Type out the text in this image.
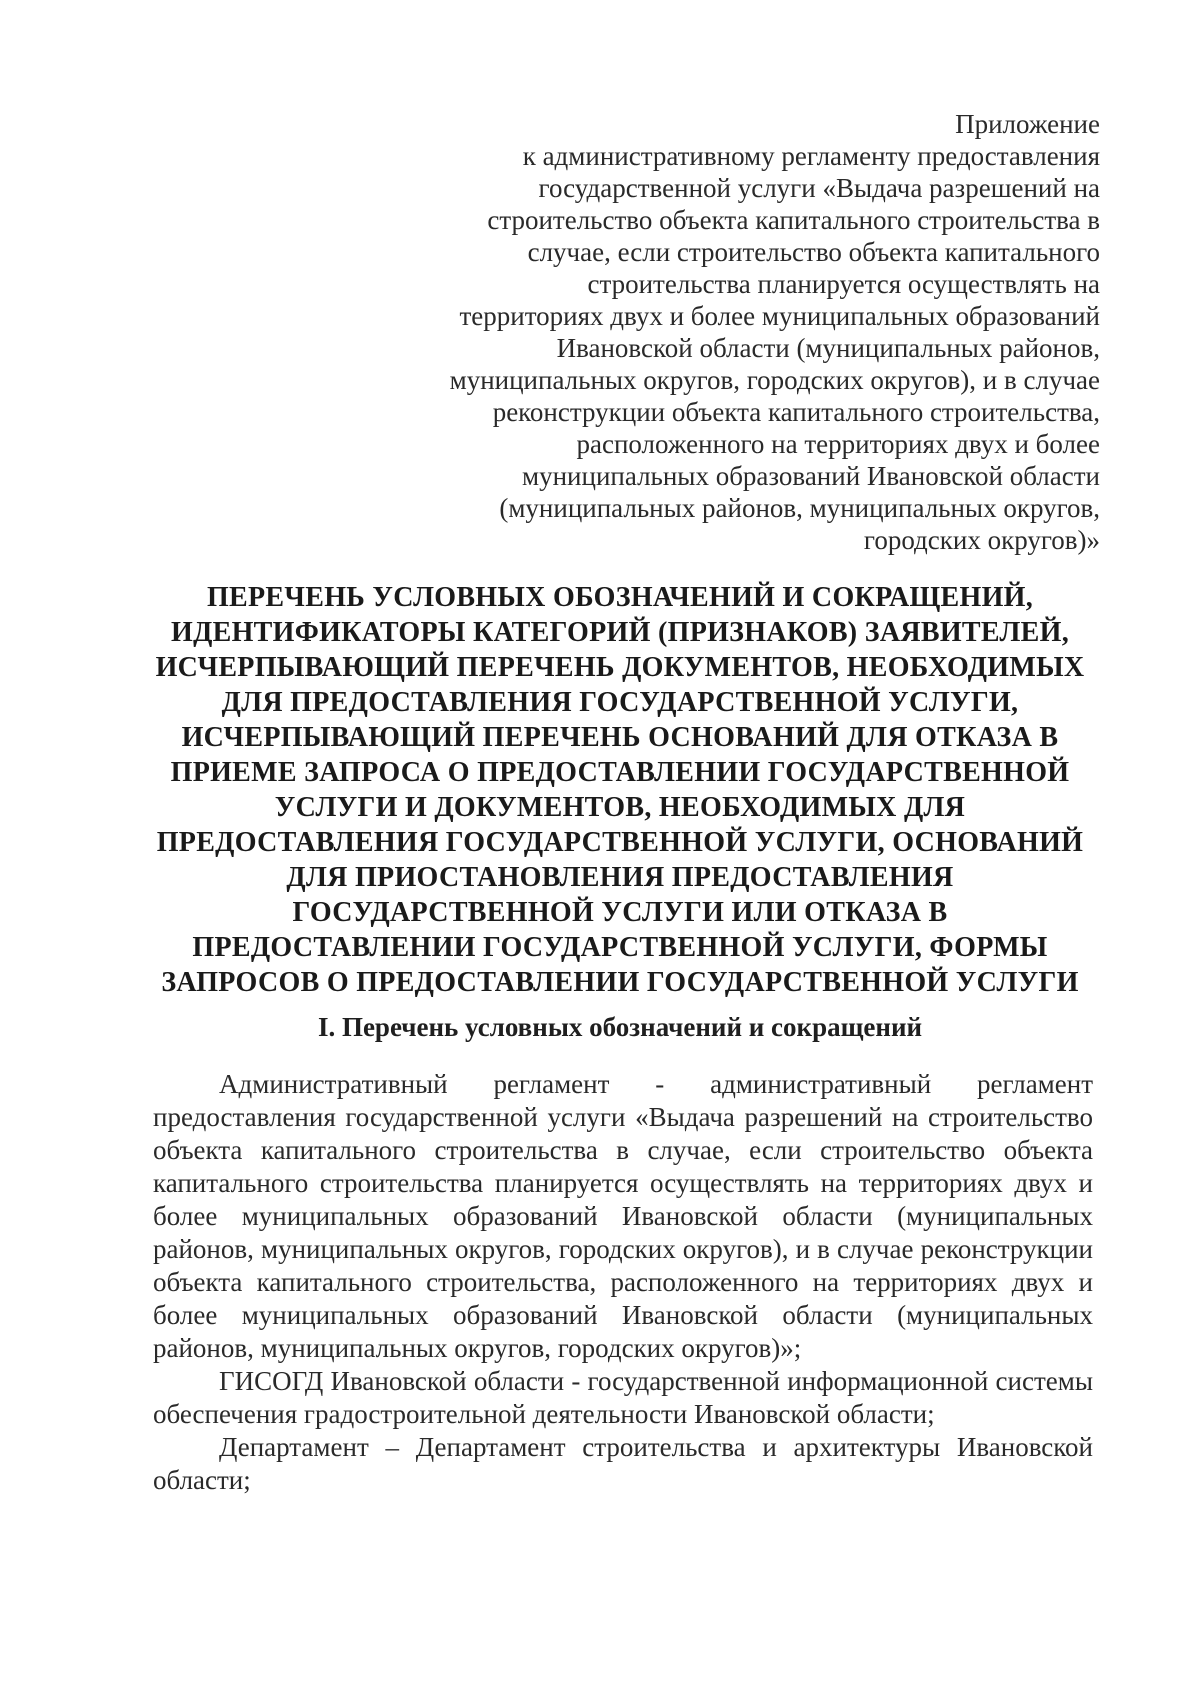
Приложение
к административному регламенту предоставления
государственной услуги «Выдача разрешений на
строительство объекта капитального строительства в
случае, если строительство объекта капитального
строительства планируется осуществлять на
территориях двух и более муниципальных образований
Ивановской области (муниципальных районов,
муниципальных округов, городских округов), и в случае
реконструкции объекта капитального строительства,
расположенного на территориях двух и более
муниципальных образований Ивановской области
(муниципальных районов, муниципальных округов,
городских округов)»
ПЕРЕЧЕНЬ УСЛОВНЫХ ОБОЗНАЧЕНИЙ И СОКРАЩЕНИЙ,
ИДЕНТИФИКАТОРЫ КАТЕГОРИЙ (ПРИЗНАКОВ) ЗАЯВИТЕЛЕЙ,
ИСЧЕРПЫВАЮЩИЙ ПЕРЕЧЕНЬ ДОКУМЕНТОВ, НЕОБХОДИМЫХ
ДЛЯ ПРЕДОСТАВЛЕНИЯ ГОСУДАРСТВЕННОЙ УСЛУГИ,
ИСЧЕРПЫВАЮЩИЙ ПЕРЕЧЕНЬ ОСНОВАНИЙ ДЛЯ ОТКАЗА В
ПРИЕМЕ ЗАПРОСА О ПРЕДОСТАВЛЕНИИ ГОСУДАРСТВЕННОЙ
УСЛУГИ И ДОКУМЕНТОВ, НЕОБХОДИМЫХ ДЛЯ
ПРЕДОСТАВЛЕНИЯ ГОСУДАРСТВЕННОЙ УСЛУГИ, ОСНОВАНИЙ
ДЛЯ ПРИОСТАНОВЛЕНИЯ ПРЕДОСТАВЛЕНИЯ
ГОСУДАРСТВЕННОЙ УСЛУГИ ИЛИ ОТКАЗА В
ПРЕДОСТАВЛЕНИИ ГОСУДАРСТВЕННОЙ УСЛУГИ, ФОРМЫ
ЗАПРОСОВ О ПРЕДОСТАВЛЕНИИ ГОСУДАРСТВЕННОЙ УСЛУГИ
I. Перечень условных обозначений и сокращений

Административный регламент - административный регламент предоставления государственной услуги «Выдача разрешений на строительство объекта капитального строительства в случае, если строительство объекта капитального строительства планируется осуществлять на территориях двух и более муниципальных образований Ивановской области (муниципальных районов, муниципальных округов, городских округов), и в случае реконструкции объекта капитального строительства, расположенного на территориях двух и более муниципальных образований Ивановской области (муниципальных районов, муниципальных округов, городских округов)»;

ГИСОГД Ивановской области - государственной информационной системы обеспечения градостроительной деятельности Ивановской области;

Департамент – Департамент строительства и архитектуры Ивановской области;
